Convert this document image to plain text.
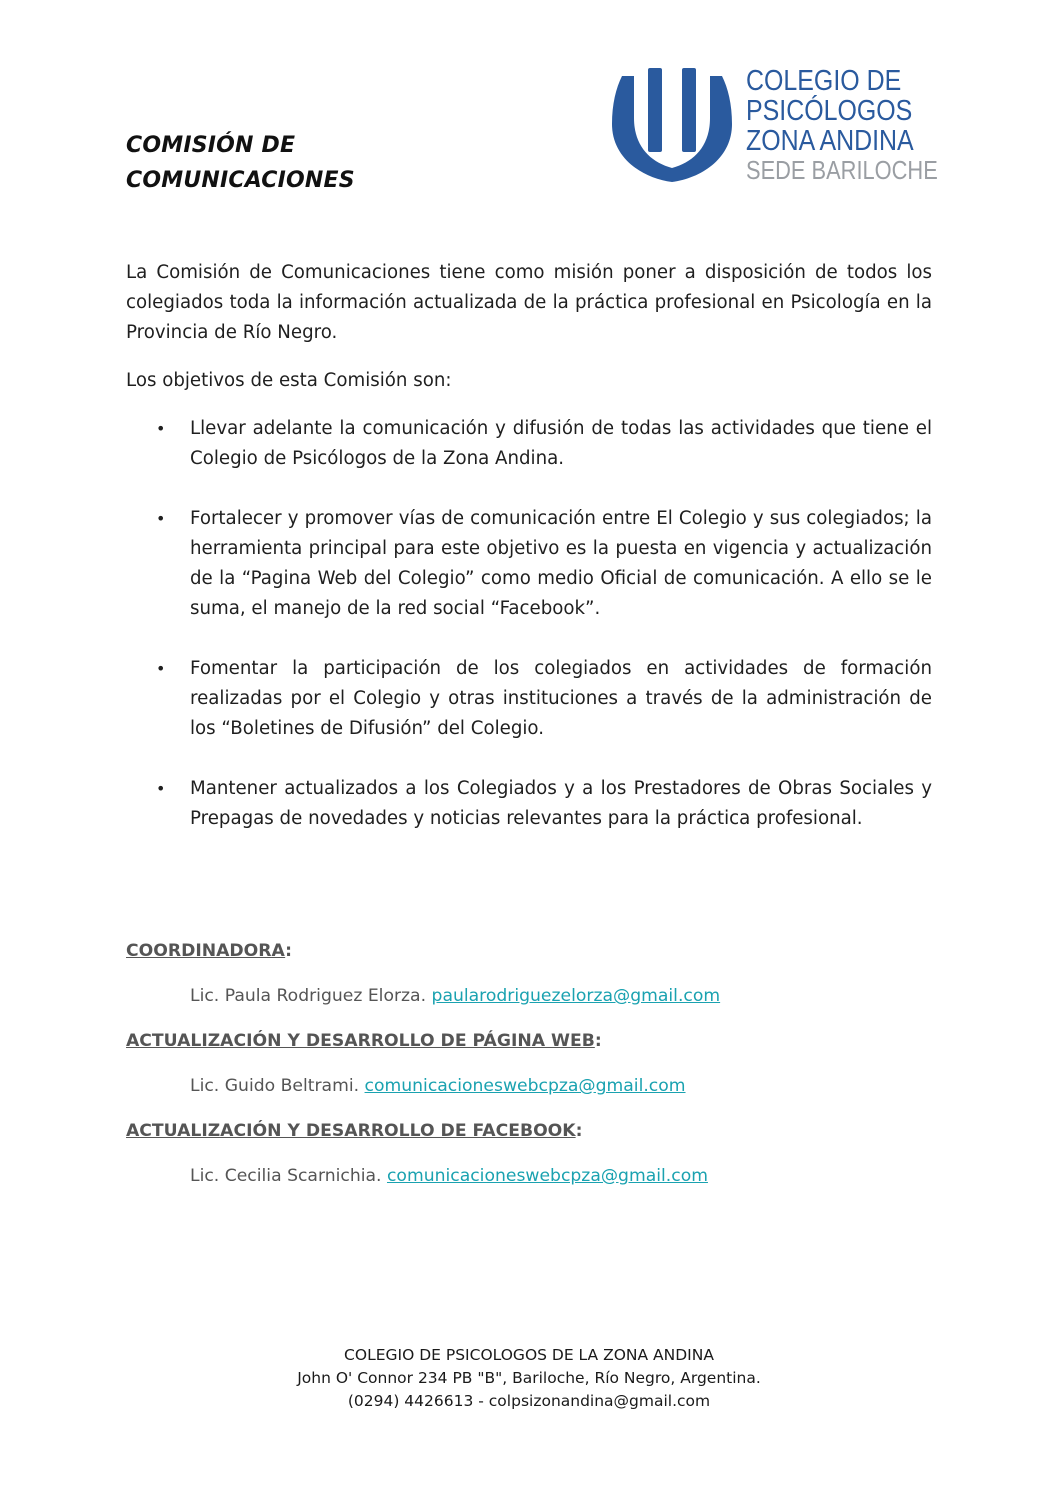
COMISIÓN DE
COMUNICACIONES
COLEGIO DE
PSICÓLOGOS
ZONA ANDINA
SEDE BARILOCHE

La Comisión de Comunicaciones tiene como misión poner a disposición de todos los colegiados toda la información actualizada de la práctica profesional en Psicología en la Provincia de Río Negro.

Los objetivos de esta Comisión son:

• Llevar adelante la comunicación y difusión de todas las actividades que tiene el Colegio de Psicólogos de la Zona Andina.
• Fortalecer y promover vías de comunicación entre El Colegio y sus colegiados; la herramienta principal para este objetivo es la puesta en vigencia y actualización de la “Pagina Web del Colegio” como medio Oficial de comunicación. A ello se le suma, el manejo de la red social “Facebook”.
• Fomentar la participación de los colegiados en actividades de formación realizadas por el Colegio y otras instituciones a través de la administración de los “Boletines de Difusión” del Colegio.
• Mantener actualizados a los Colegiados y a los Prestadores de Obras Sociales y Prepagas de novedades y noticias relevantes para la práctica profesional.

COORDINADORA:

Lic. Paula Rodriguez Elorza. paularodriguezelorza@gmail.com

ACTUALIZACIÓN Y DESARROLLO DE PÁGINA WEB:

Lic. Guido Beltrami. comunicacioneswebcpza@gmail.com

ACTUALIZACIÓN Y DESARROLLO DE FACEBOOK:

Lic. Cecilia Scarnichia. comunicacioneswebcpza@gmail.com
COLEGIO DE PSICOLOGOS DE LA ZONA ANDINA
John O' Connor 234 PB "B", Bariloche, Río Negro, Argentina.
(0294) 4426613 - colpsizonandina@gmail.com
